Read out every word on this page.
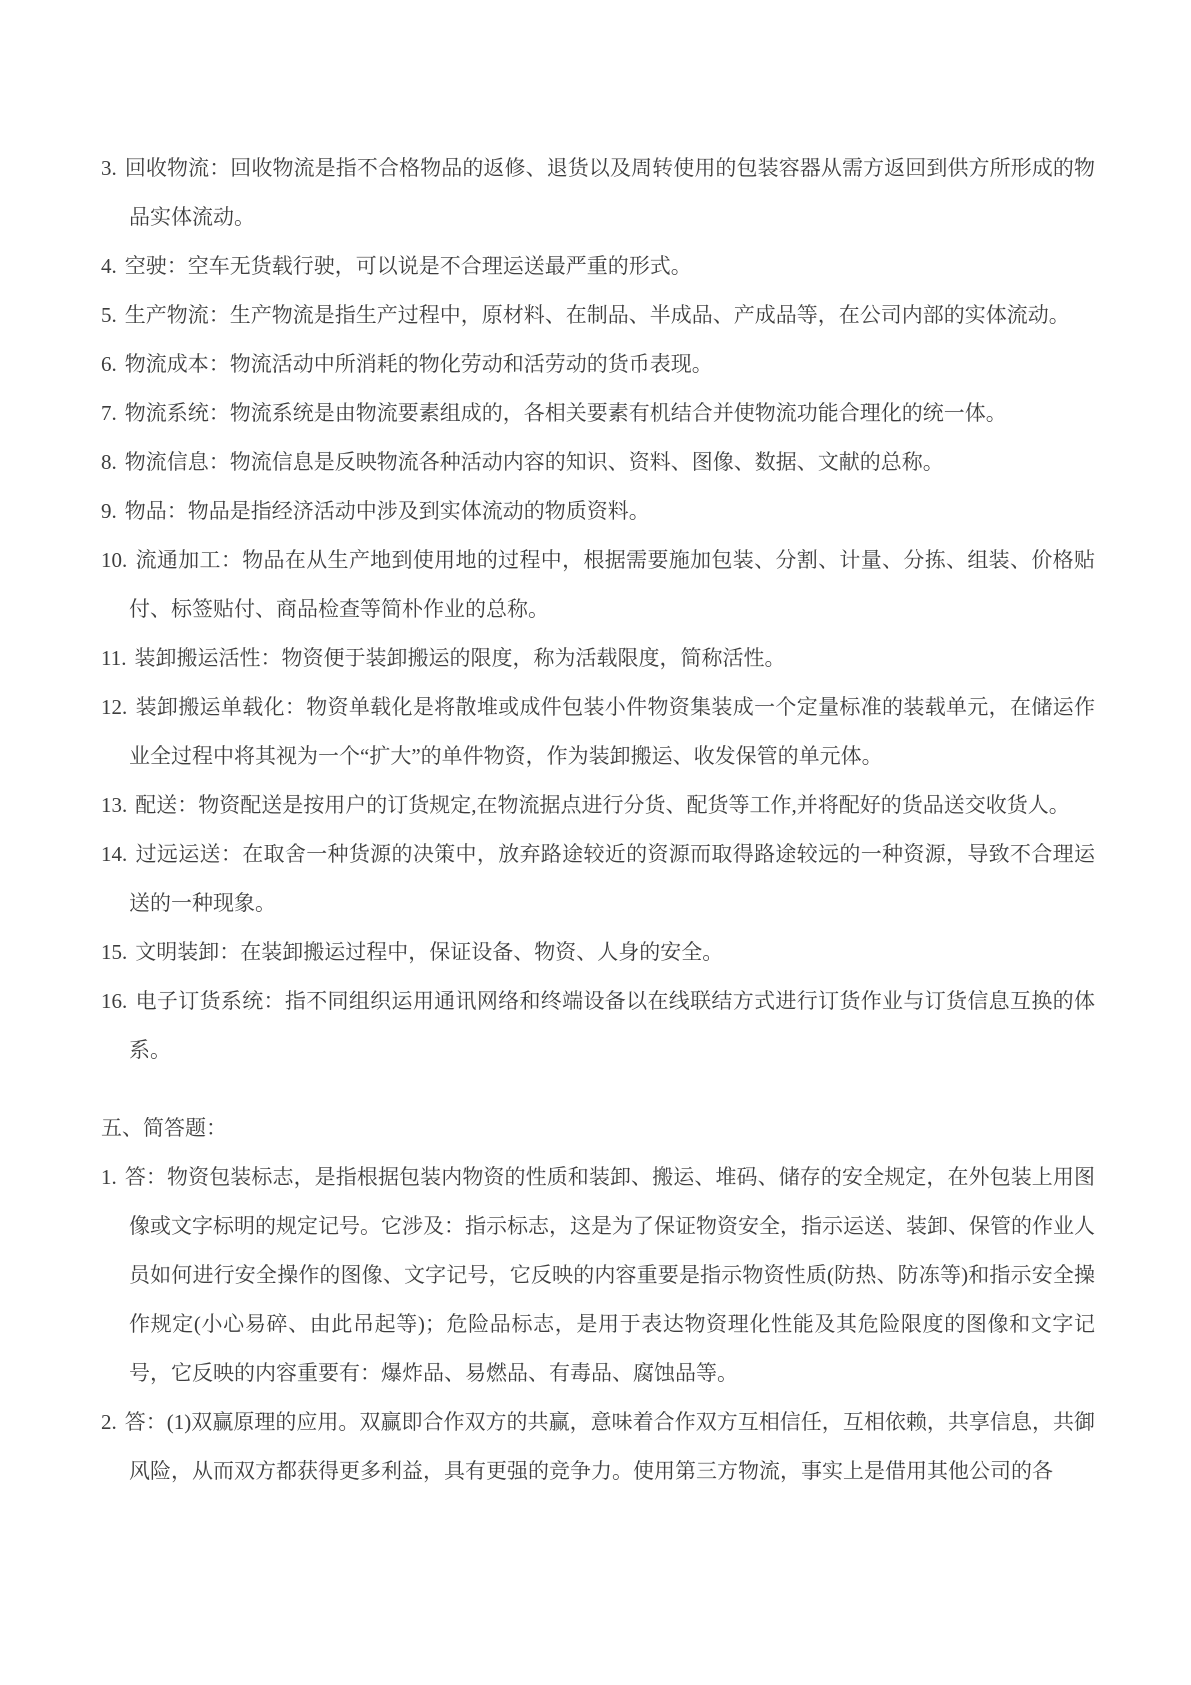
3. 回收物流：回收物流是指不合格物品的返修、退货以及周转使用的包装容器从需方返回到供方所形成的物品实体流动。

4. 空驶：空车无货载行驶，可以说是不合理运送最严重的形式。

5. 生产物流：生产物流是指生产过程中，原材料、在制品、半成品、产成品等，在公司内部的实体流动。

6. 物流成本：物流活动中所消耗的物化劳动和活劳动的货币表现。

7. 物流系统：物流系统是由物流要素组成的，各相关要素有机结合并使物流功能合理化的统一体。

8. 物流信息：物流信息是反映物流各种活动内容的知识、资料、图像、数据、文献的总称。

9. 物品：物品是指经济活动中涉及到实体流动的物质资料。

10. 流通加工：物品在从生产地到使用地的过程中，根据需要施加包装、分割、计量、分拣、组装、价格贴付、标签贴付、商品检查等简朴作业的总称。

11. 装卸搬运活性：物资便于装卸搬运的限度，称为活载限度，简称活性。

12. 装卸搬运单载化：物资单载化是将散堆或成件包装小件物资集装成一个定量标准的装载单元，在储运作业全过程中将其视为一个“扩大”的单件物资，作为装卸搬运、收发保管的单元体。

13. 配送：物资配送是按用户的订货规定,在物流据点进行分货、配货等工作,并将配好的货品送交收货人。

14. 过远运送：在取舍一种货源的决策中，放弃路途较近的资源而取得路途较远的一种资源，导致不合理运送的一种现象。

15. 文明装卸：在装卸搬运过程中，保证设备、物资、人身的安全。

16. 电子订货系统：指不同组织运用通讯网络和终端设备以在线联结方式进行订货作业与订货信息互换的体系。

五、简答题：

1. 答：物资包装标志，是指根据包装内物资的性质和装卸、搬运、堆码、储存的安全规定，在外包装上用图像或文字标明的规定记号。它涉及：指示标志，这是为了保证物资安全，指示运送、装卸、保管的作业人员如何进行安全操作的图像、文字记号，它反映的内容重要是指示物资性质(防热、防冻等)和指示安全操作规定(小心易碎、由此吊起等)；危险品标志，是用于表达物资理化性能及其危险限度的图像和文字记号，它反映的内容重要有：爆炸品、易燃品、有毒品、腐蚀品等。

2. 答：(1)双赢原理的应用。双赢即合作双方的共赢，意味着合作双方互相信任，互相依赖，共享信息，共御风险，从而双方都获得更多利益，具有更强的竞争力。使用第三方物流，事实上是借用其他公司的各
